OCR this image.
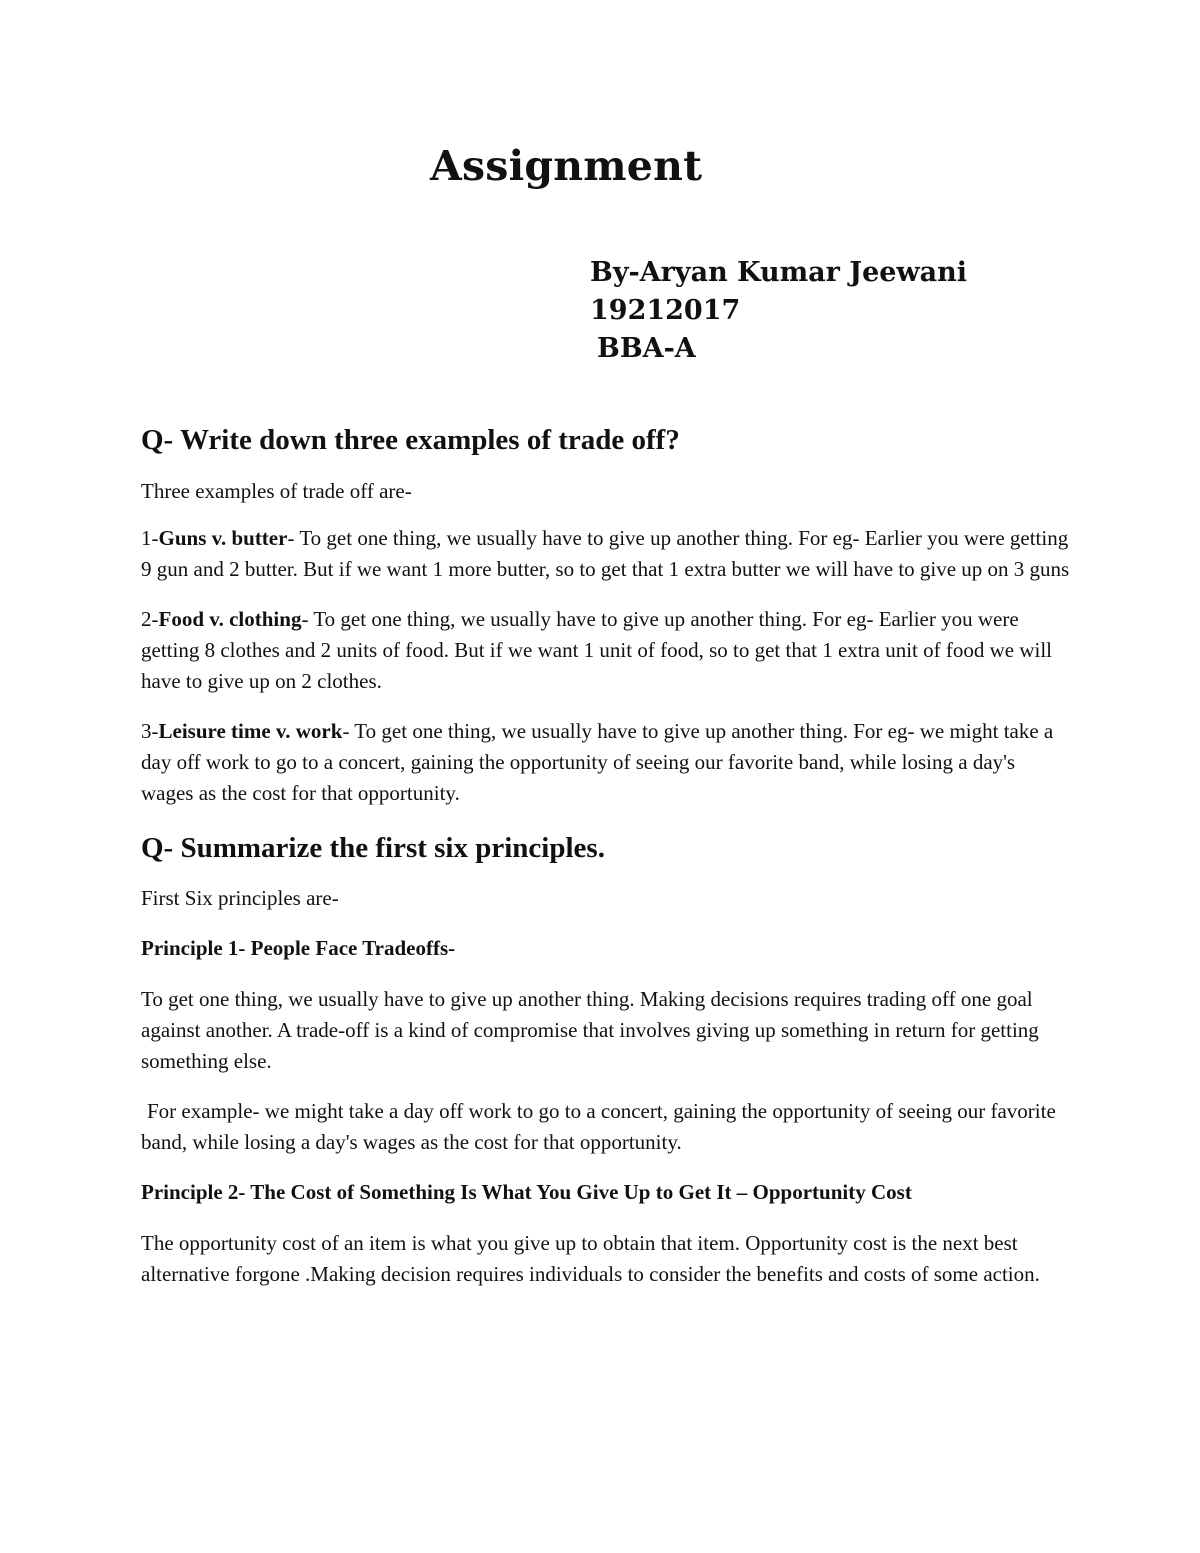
Assignment
By-Aryan Kumar Jeewani
19212017
BBA-A
Q- Write down three examples of trade off?

Three examples of trade off are-

1-Guns v. butter- To get one thing, we usually have to give up another thing. For eg- Earlier you were getting 9 gun and 2 butter. But if we want 1 more butter, so to get that 1 extra butter we will have to give up on 3 guns

2-Food v. clothing- To get one thing, we usually have to give up another thing. For eg- Earlier you were getting 8 clothes and 2 units of food. But if we want 1 unit of food, so to get that 1 extra unit of food we will have to give up on 2 clothes.

3-Leisure time v. work- To get one thing, we usually have to give up another thing. For eg- we might take a day off work to go to a concert, gaining the opportunity of seeing our favorite band, while losing a day's wages as the cost for that opportunity.

Q- Summarize the first six principles.

First Six principles are-

Principle 1- People Face Tradeoffs-

To get one thing, we usually have to give up another thing. Making decisions requires trading off one goal against another. A trade-off is a kind of compromise that involves giving up something in return for getting something else.

For example- we might take a day off work to go to a concert, gaining the opportunity of seeing our favorite band, while losing a day's wages as the cost for that opportunity.

Principle 2- The Cost of Something Is What You Give Up to Get It – Opportunity Cost

The opportunity cost of an item is what you give up to obtain that item. Opportunity cost is the next best alternative forgone .Making decision requires individuals to consider the benefits and costs of some action.
